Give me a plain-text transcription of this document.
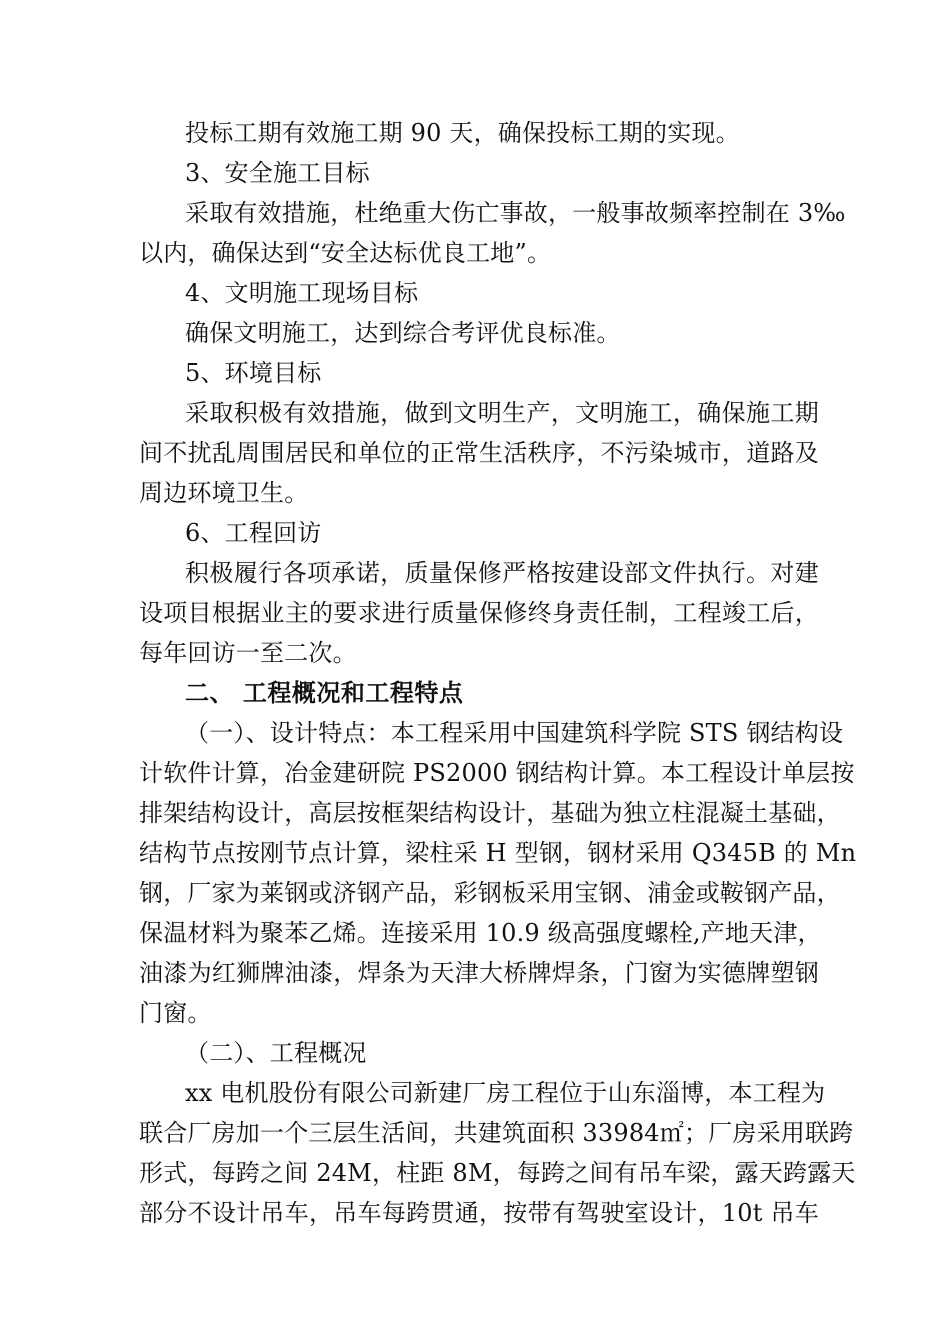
投标工期有效施工期 90 天，确保投标工期的实现。
3、安全施工目标
采取有效措施，杜绝重大伤亡事故，一般事故频率控制在 3‰
以内，确保达到“安全达标优良工地”。
4、文明施工现场目标
确保文明施工，达到综合考评优良标准。
5、环境目标
采取积极有效措施，做到文明生产，文明施工，确保施工期
间不扰乱周围居民和单位的正常生活秩序，不污染城市，道路及
周边环境卫生。
6、工程回访
积极履行各项承诺，质量保修严格按建设部文件执行。对建
设项目根据业主的要求进行质量保修终身责任制，工程竣工后，
每年回访一至二次。
二、 工程概况和工程特点
（一）、设计特点：本工程采用中国建筑科学院 STS 钢结构设
计软件计算，冶金建研院 PS2000 钢结构计算。本工程设计单层按
排架结构设计，高层按框架结构设计，基础为独立柱混凝土基础，
结构节点按刚节点计算，梁柱采 H 型钢，钢材采用 Q345B 的 Mn
钢，厂家为莱钢或济钢产品，彩钢板采用宝钢、浦金或鞍钢产品，
保温材料为聚苯乙烯。连接采用 10.9 级高强度螺栓,产地天津，
油漆为红狮牌油漆，焊条为天津大桥牌焊条，门窗为实德牌塑钢
门窗。
（二）、工程概况
xx 电机股份有限公司新建厂房工程位于山东淄博，本工程为
联合厂房加一个三层生活间，共建筑面积 33984㎡；厂房采用联跨
形式，每跨之间 24M，柱距 8M，每跨之间有吊车梁，露天跨露天
部分不设计吊车，吊车每跨贯通，按带有驾驶室设计，10t 吊车
